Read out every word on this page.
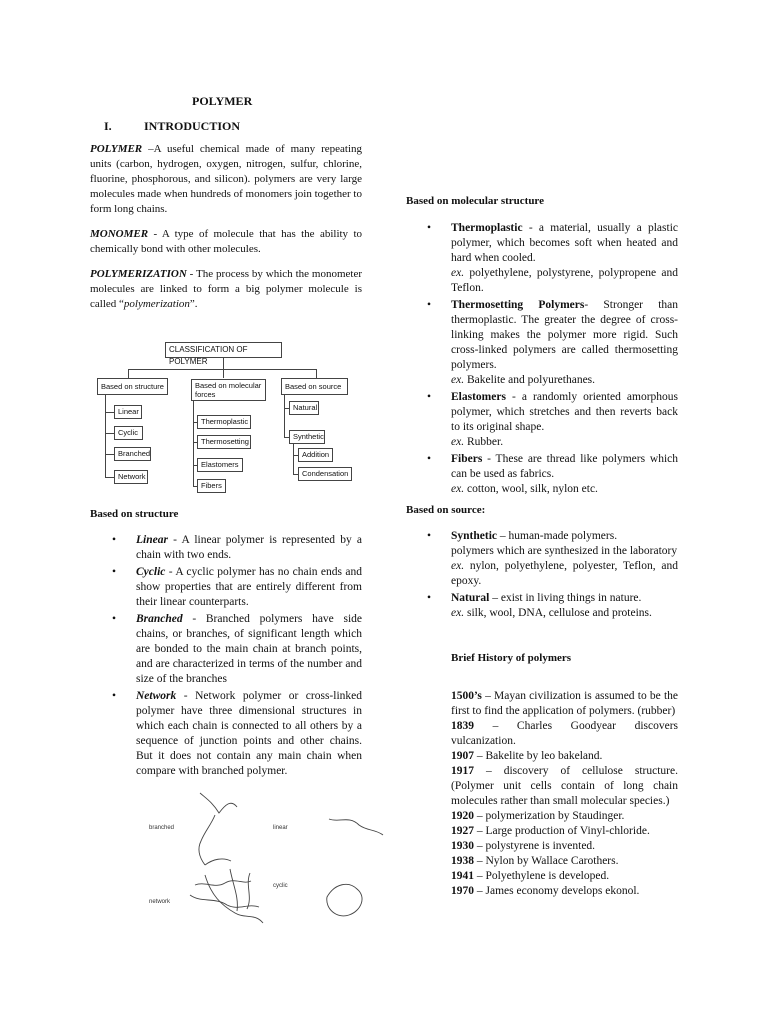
POLYMER
I.	INTRODUCTION

POLYMER –A useful chemical made of many repeating units (carbon, hydrogen, oxygen, nitrogen, sulfur, chlorine, fluorine, phosphorous, and silicon). polymers are very large molecules made when hundreds of monomers join together to form long chains.

MONOMER - A type of molecule that has the ability to chemically bond with other molecules.

POLYMERIZATION - The process by which the monometer molecules are linked to form a big polymer molecule is called “polymerization”.

CLASSIFICATION OF POLYMER
Based on structure	Based on molecular forces
Based on source
Linear
Cyclic
Branched
Network
Thermoplastic
Thermosetting
Elastomers
Fibers
Natural
Synthetic
Addition
Condensation
Based on structure
• Linear - A linear polymer is represented by a chain with two ends.
• Cyclic - A cyclic polymer has no chain ends and show properties that are entirely different from their linear counterparts.
• Branched - Branched polymers have side chains, or branches, of significant length which are bonded to the main chain at branch points, and are characterized in terms of the number and size of the branches
• Network - Network polymer or cross-linked polymer have three dimensional structures in which each chain is connected to all others by a sequence of junction points and other chains. But it does not contain any main chain when compare with branched polymer.
branched	linear
cyclic
network
Based on molecular structure
• Thermoplastic - a material, usually a plastic polymer, which becomes soft when heated and hard when cooled.
ex. polyethylene, polystyrene, polypropene and Teflon.
• Thermosetting Polymers- Stronger than thermoplastic. The greater the degree of cross-linking makes the polymer more rigid. Such cross-linked polymers are called thermosetting polymers.
ex. Bakelite and polyurethanes.
• Elastomers - a randomly oriented amorphous polymer, which stretches and then reverts back to its original shape.
ex. Rubber.
• Fibers - These are thread like polymers which can be used as fabrics.
ex. cotton, wool, silk, nylon etc.
Based on source:
• Synthetic – human-made polymers.
polymers which are synthesized in the laboratory
ex. nylon, polyethylene, polyester, Teflon, and epoxy.
• Natural – exist in living things in nature.
ex. silk, wool, DNA, cellulose and proteins.
Brief History of polymers

1500’s – Mayan civilization is assumed to be the first to find the application of polymers. (rubber)

1839 – Charles Goodyear discovers vulcanization.

1907 – Bakelite by leo bakeland.

1917 – discovery of cellulose structure. (Polymer unit cells contain of long chain molecules rather than small molecular species.)

1920 – polymerization by Staudinger.

1927 – Large production of Vinyl-chloride.

1930 – polystyrene is invented.

1938 – Nylon by Wallace Carothers.

1941 – Polyethylene is developed.

1970 – James economy develops ekonol.
